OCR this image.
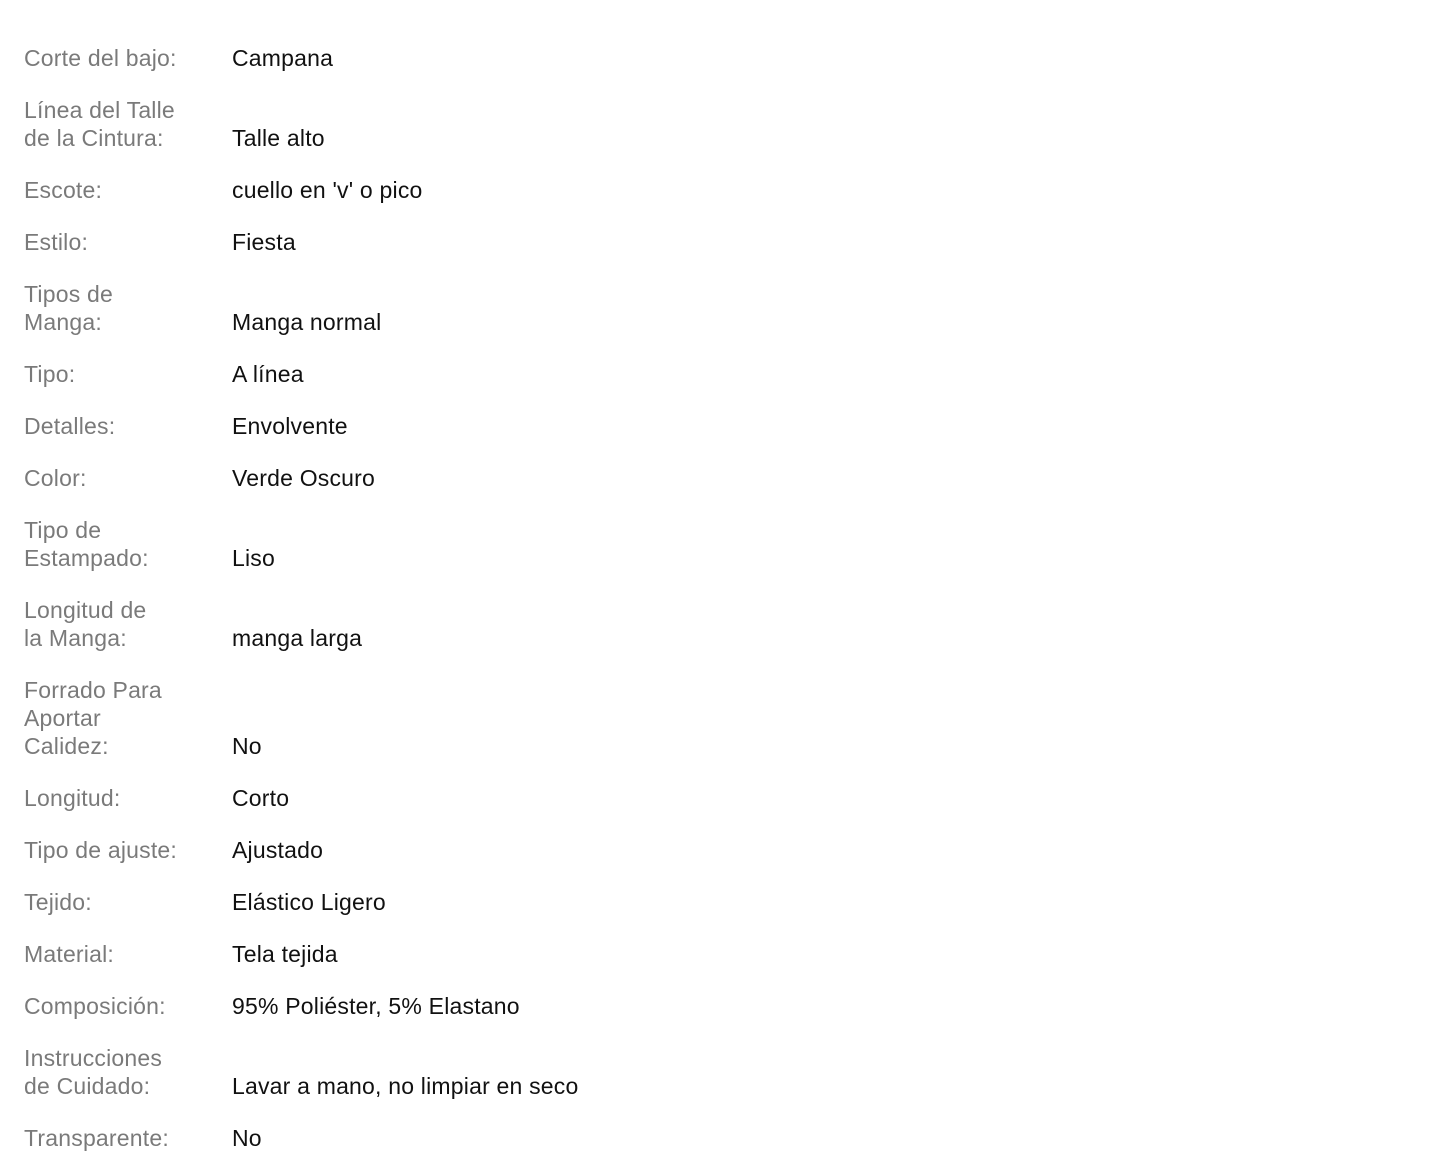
Corte del bajo:	Campana
Línea del Talle
de la Cintura:	Talle alto
Escote:	cuello en 'v' o pico
Estilo:	Fiesta
Tipos de
Manga:	Manga normal
Tipo:	A línea
Detalles:	Envolvente
Color:	Verde Oscuro
Tipo de
Estampado:	Liso
Longitud de
la Manga:	manga larga
Forrado Para
Aportar
Calidez:	No
Longitud:	Corto
Tipo de ajuste:	Ajustado
Tejido:	Elástico Ligero
Material:	Tela tejida
Composición:	95% Poliéster, 5% Elastano
Instrucciones
de Cuidado:	Lavar a mano, no limpiar en seco
Transparente:	No
